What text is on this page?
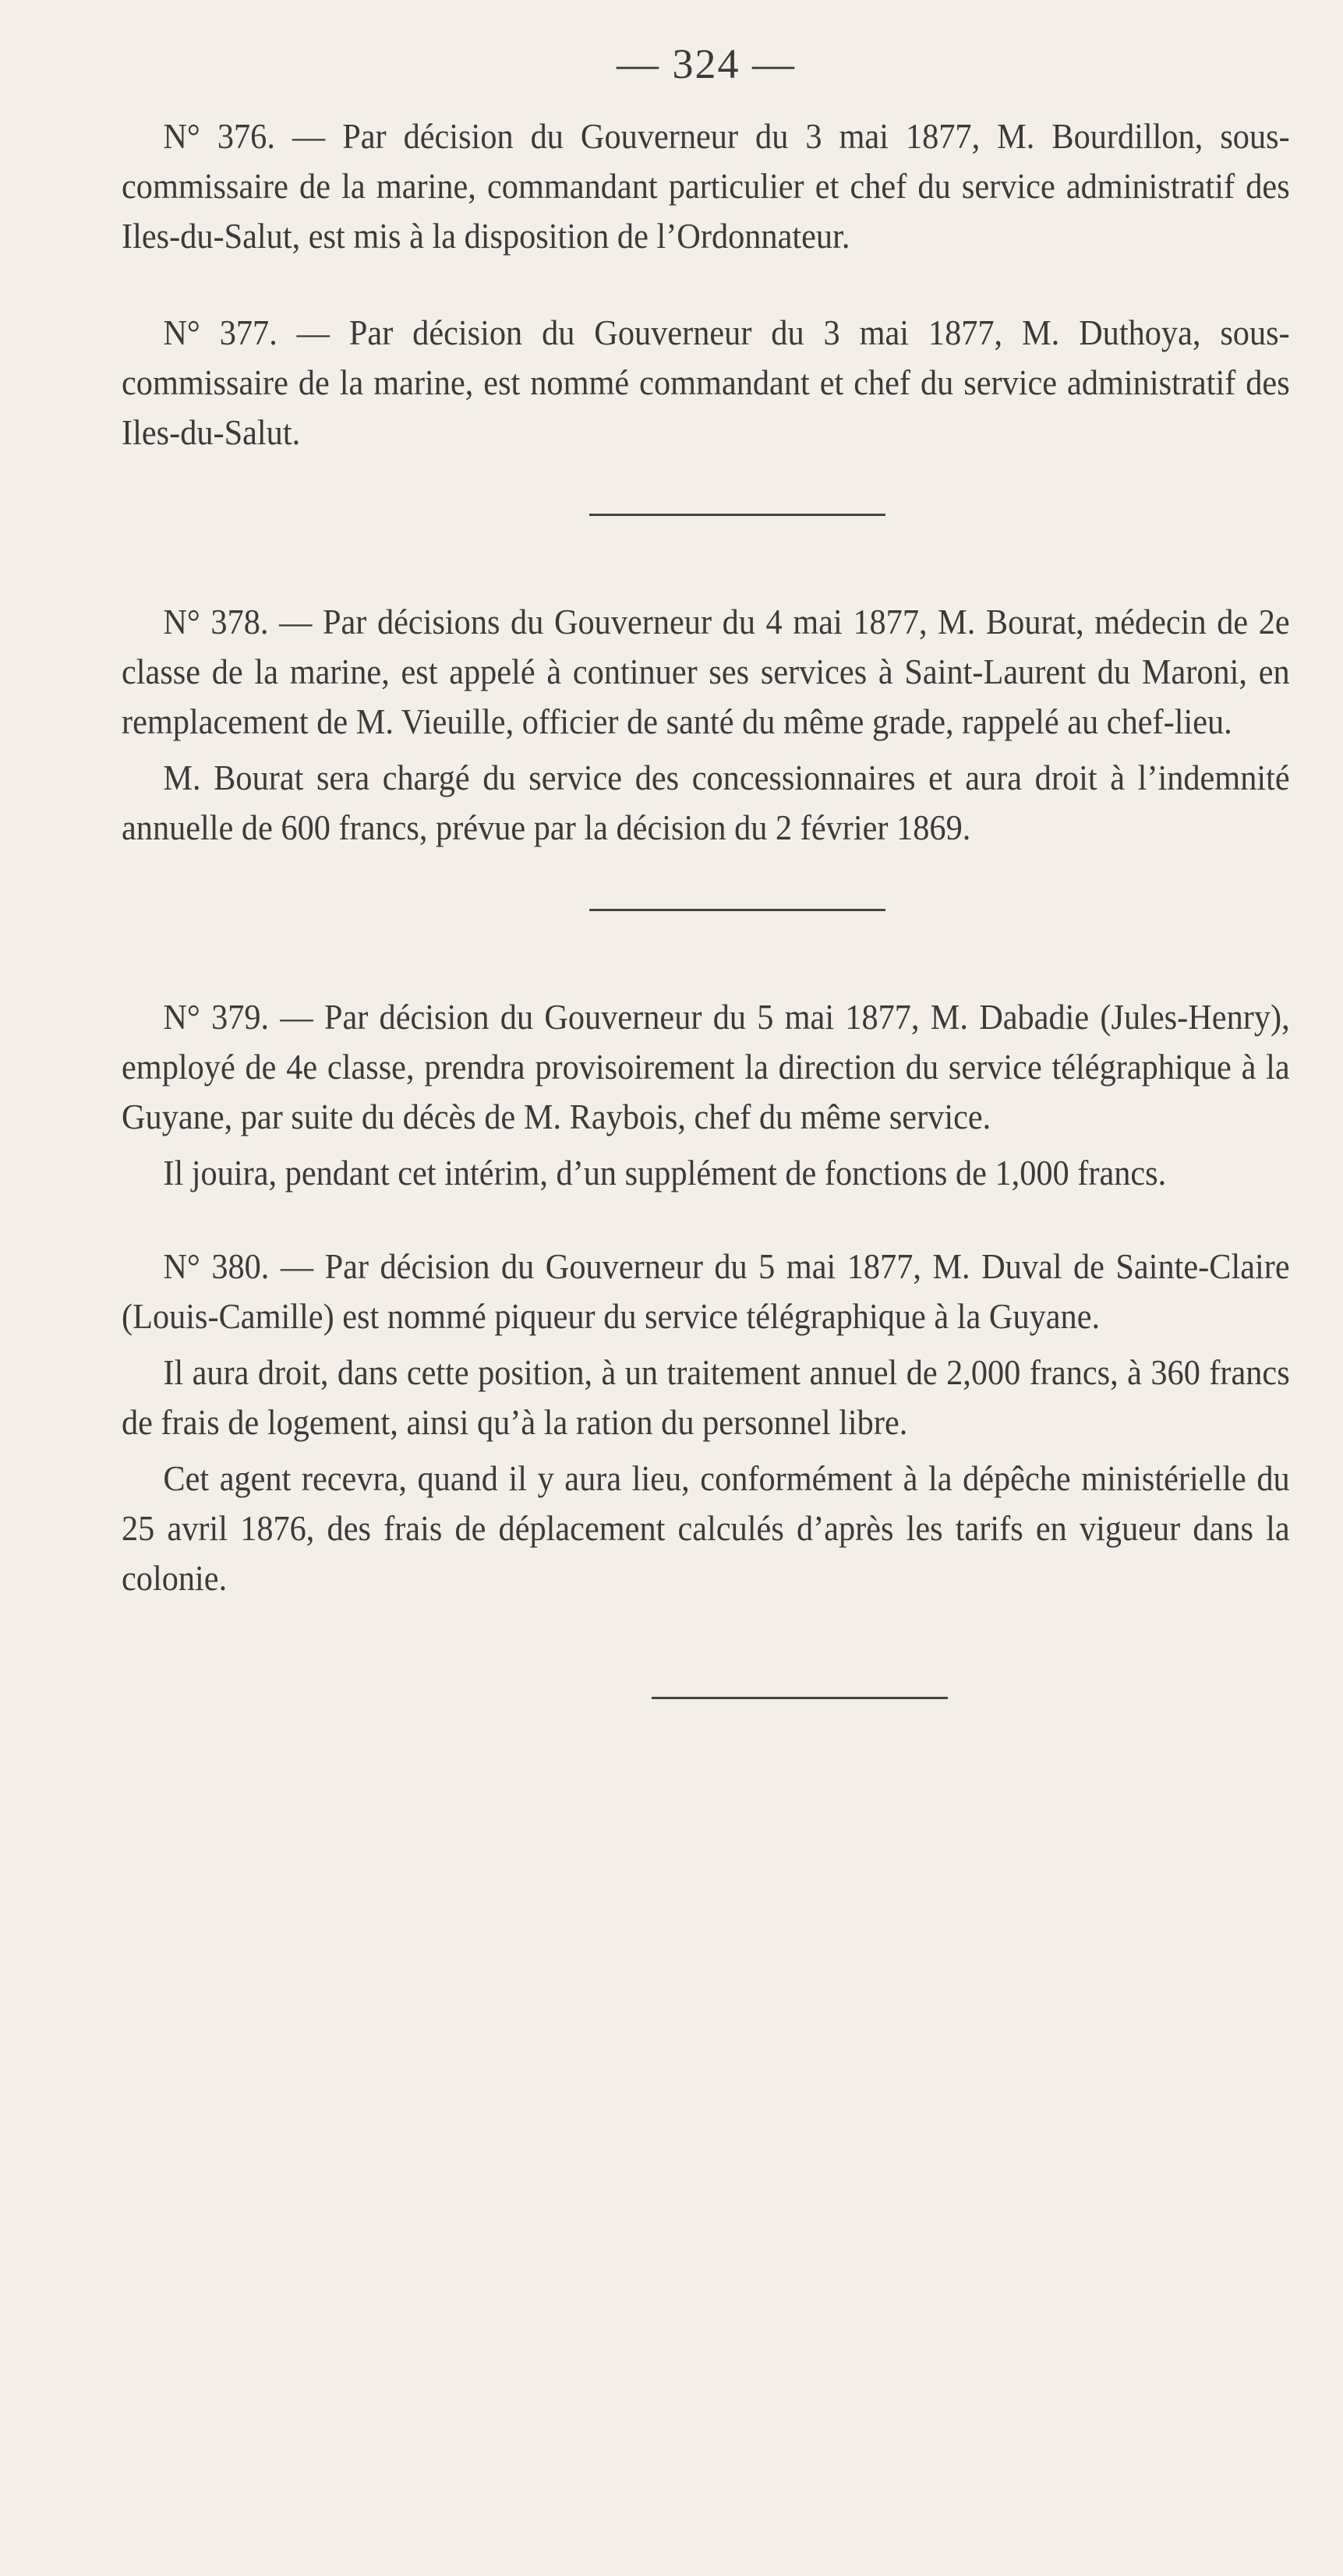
— 324 —

N° 376. — Par décision du Gouverneur du 3 mai 1877, M. Bourdillon, sous-commissaire de la marine, commandant particulier et chef du service administratif des Iles-du-Salut, est mis à la disposition de l’Ordonnateur.

N° 377. — Par décision du Gouverneur du 3 mai 1877, M. Duthoya, sous-commissaire de la marine, est nommé commandant et chef du service administratif des Iles-du-Salut.

N° 378. — Par décisions du Gouverneur du 4 mai 1877, M. Bourat, médecin de 2e classe de la marine, est appelé à continuer ses services à Saint-Laurent du Maroni, en remplacement de M. Vieuille, officier de santé du même grade, rappelé au chef-lieu.

M. Bourat sera chargé du service des concessionnaires et aura droit à l’indemnité annuelle de 600 francs, prévue par la décision du 2 février 1869.

N° 379. — Par décision du Gouverneur du 5 mai 1877, M. Dabadie (Jules-Henry), employé de 4e classe, prendra provisoirement la direction du service télégraphique à la Guyane, par suite du décès de M. Raybois, chef du même service.

Il jouira, pendant cet intérim, d’un supplément de fonctions de 1,000 francs.

N° 380. — Par décision du Gouverneur du 5 mai 1877, M. Duval de Sainte-Claire (Louis-Camille) est nommé piqueur du service télégraphique à la Guyane.

Il aura droit, dans cette position, à un traitement annuel de 2,000 francs, à 360 francs de frais de logement, ainsi qu’à la ration du personnel libre.

Cet agent recevra, quand il y aura lieu, conformément à la dépêche ministérielle du 25 avril 1876, des frais de déplacement calculés d’après les tarifs en vigueur dans la colonie.
